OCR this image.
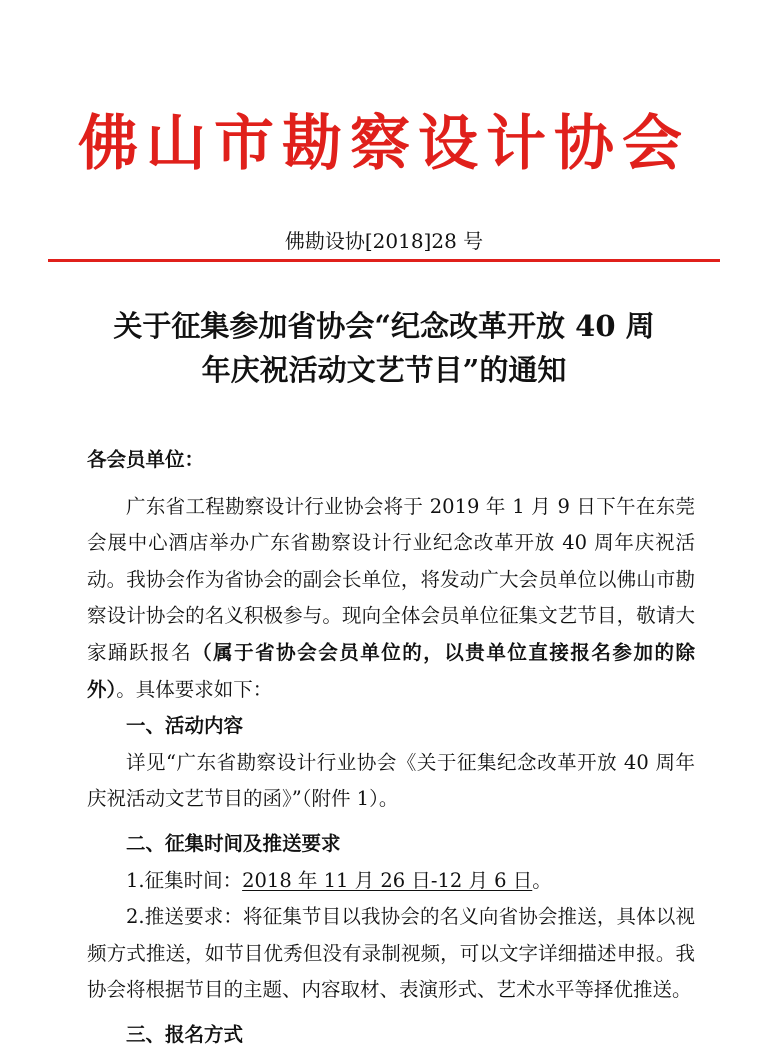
佛山市勘察设计协会
佛勘设协[2018]28 号
关于征集参加省协会“纪念改革开放 40 周
年庆祝活动文艺节目”的通知

各会员单位：

广东省工程勘察设计行业协会将于 2019 年 1 月 9 日下午在东莞会展中心酒店举办广东省勘察设计行业纪念改革开放 40 周年庆祝活动。我协会作为省协会的副会长单位，将发动广大会员单位以佛山市勘察设计协会的名义积极参与。现向全体会员单位征集文艺节目，敬请大家踊跃报名（属于省协会会员单位的，以贵单位直接报名参加的除外）。具体要求如下：

一、活动内容

详见“广东省勘察设计行业协会《关于征集纪念改革开放 40 周年庆祝活动文艺节目的函》”（附件 1）。

二、征集时间及推送要求

1.征集时间：2018 年 11 月 26 日-12 月 6 日。

2.推送要求：将征集节目以我协会的名义向省协会推送，具体以视频方式推送，如节目优秀但没有录制视频，可以文字详细描述申报。我协会将根据节目的主题、内容取材、表演形式、艺术水平等择优推送。

三、报名方式
